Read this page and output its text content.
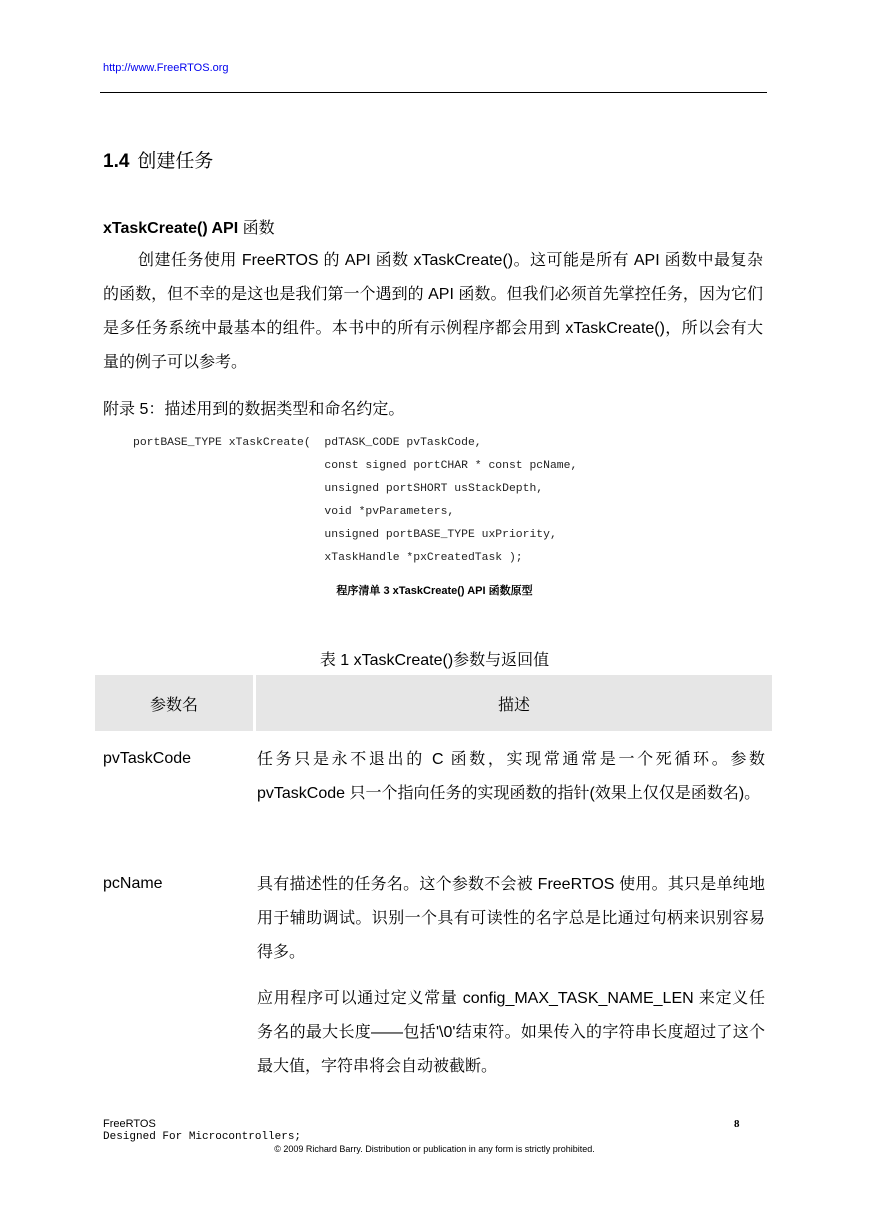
http://www.FreeRTOS.org
1.4 创建任务
xTaskCreate() API 函数
创建任务使用 FreeRTOS 的 API 函数 xTaskCreate()。这可能是所有 API 函数中最复杂的函数，但不幸的是这也是我们第一个遇到的 API 函数。但我们必须首先掌控任务，因为它们是多任务系统中最基本的组件。本书中的所有示例程序都会用到 xTaskCreate()，所以会有大量的例子可以参考。
附录 5：描述用到的数据类型和命名约定。

portBASE_TYPE xTaskCreate(  pdTASK_CODE pvTaskCode,

const signed portCHAR * const pcName,

unsigned portSHORT usStackDepth,

void *pvParameters,

unsigned portBASE_TYPE uxPriority,

xTaskHandle *pxCreatedTask );

程序清单 3 xTaskCreate() API 函数原型
表 1 xTaskCreate()参数与返回值
参数名	描述
pvTaskCode	任务只是永不退出的 C 函数，实现常通常是一个死循环。参数 pvTaskCode 只一个指向任务的实现函数的指针(效果上仅仅是函数名)。
pcName	具有描述性的任务名。这个参数不会被 FreeRTOS 使用。其只是单纯地用于辅助调试。识别一个具有可读性的名字总是比通过句柄来识别容易得多。
应用程序可以通过定义常量 config_MAX_TASK_NAME_LEN 来定义任务名的最大长度——包括'\0'结束符。如果传入的字符串长度超过了这个最大值，字符串将会自动被截断。
FreeRTOS
Designed For Microcontrollers;
8
© 2009 Richard Barry. Distribution or publication in any form is strictly prohibited.
